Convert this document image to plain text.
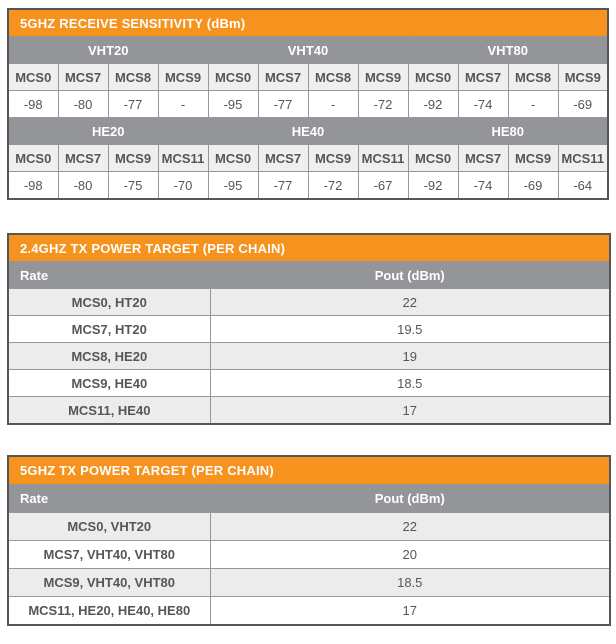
5GHZ RECEIVE SENSITIVITY (dBm)											
VHT20				VHT40				VHT80			
MCS0	MCS7	MCS8	MCS9	MCS0	MCS7	MCS8	MCS9	MCS0	MCS7	MCS8	MCS9
-98	-80	-77	-	-95	-77	-	-72	-92	-74	-	-69
HE20				HE40				HE80			
MCS0	MCS7	MCS9	MCS11	MCS0	MCS7	MCS9	MCS11	MCS0	MCS7	MCS9	MCS11
-98	-80	-75	-70	-95	-77	-72	-67	-92	-74	-69	-64
2.4GHZ TX POWER TARGET (PER CHAIN)	
Rate	Pout (dBm)
MCS0, HT20	22
MCS7, HT20	19.5
MCS8, HE20	19
MCS9, HE40	18.5
MCS11, HE40	17
5GHZ TX POWER TARGET (PER CHAIN)	
Rate	Pout (dBm)
MCS0, VHT20	22
MCS7, VHT40, VHT80	20
MCS9, VHT40, VHT80	18.5
MCS11, HE20, HE40, HE80	17
